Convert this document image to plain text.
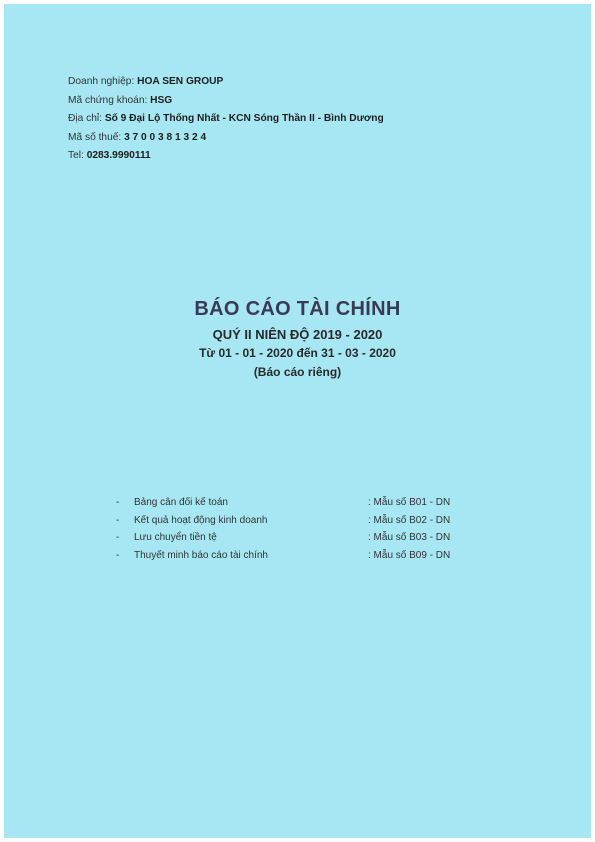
Doanh nghiệp: HOA SEN GROUP
Mã chứng khoán: HSG
Địa chỉ: Số 9 Đại Lộ Thống Nhất - KCN Sóng Thần II - Bình Dương
Mã số thuế: 3 7 0 0 3 8 1 3 2 4
Tel: 0283.9990111
BÁO CÁO TÀI CHÍNH
QUÝ II NIÊN ĐỘ 2019 - 2020
Từ 01 - 01 - 2020 đến 31 - 03 - 2020
(Báo cáo riêng)
- Bảng cân đối kế toán	: Mẫu số B01 - DN
- Kết quả hoạt động kinh doanh	: Mẫu số B02 - DN
- Lưu chuyển tiền tệ	: Mẫu số B03 - DN
- Thuyết minh báo cáo tài chính	: Mẫu số B09 - DN
